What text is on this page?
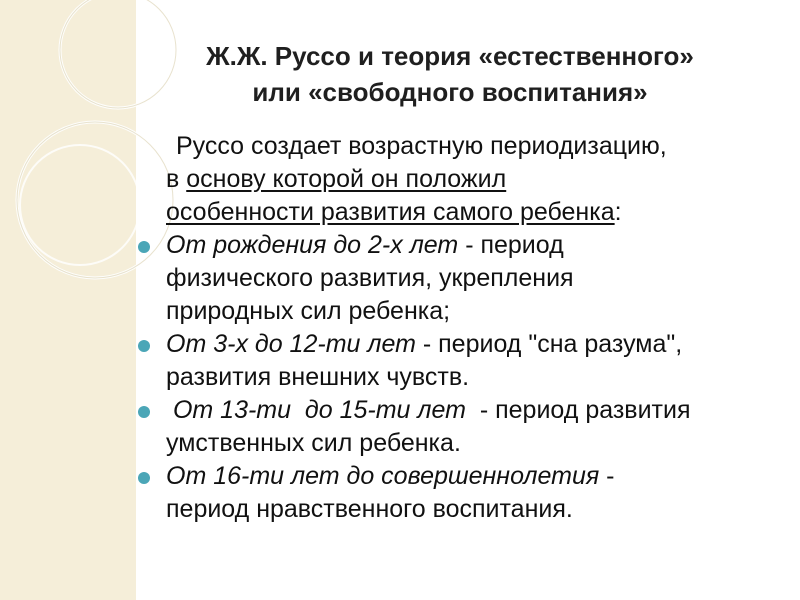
Ж.Ж. Руссо и теория «естественного»
или «свободного воспитания»
Руссо создает возрастную периодизацию,
в основу которой он положил
особенности развития самого ребенка:
От рождения до 2-х лет - период
физического развития, укрепления
природных сил ребенка;
От 3-х до 12-ти лет - период "сна разума",
развития внешних чувств.
От 13-ти  до 15-ти лет  - период развития
умственных сил ребенка.
От 16-ти лет до совершеннолетия -
период нравственного воспитания.
